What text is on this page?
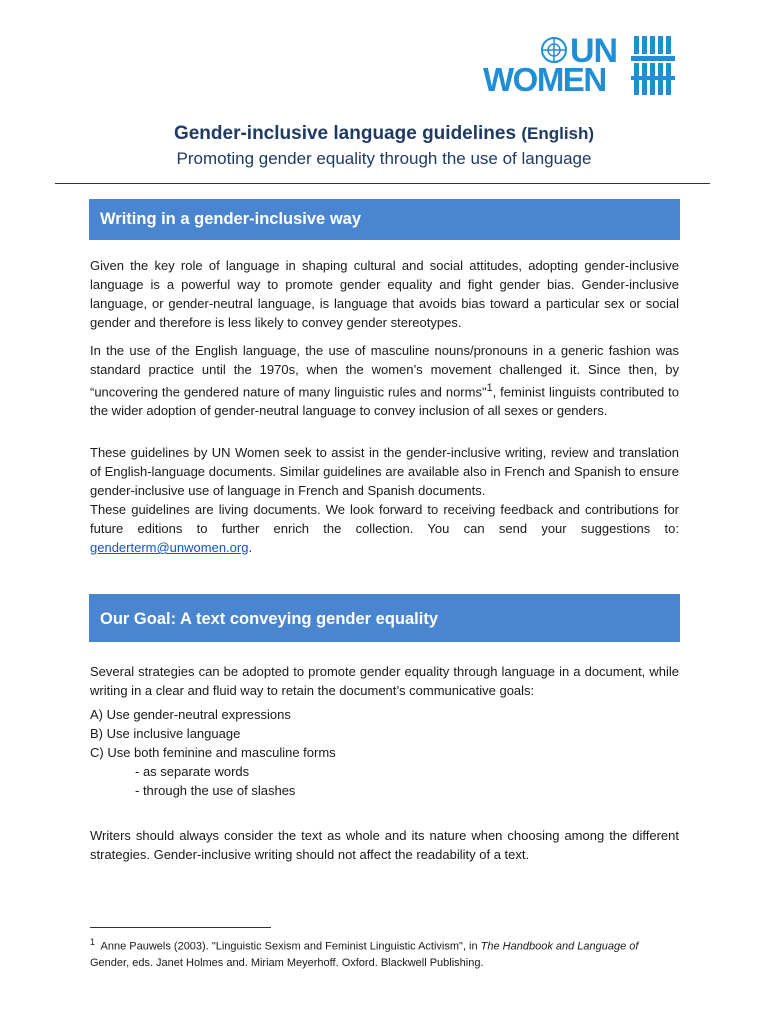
UN
WOMEN
Gender-inclusive language guidelines (English)

Promoting gender equality through the use of language

Writing in a gender-inclusive way

Given the key role of language in shaping cultural and social attitudes, adopting gender-inclusive language is a powerful way to promote gender equality and fight gender bias. Gender-inclusive language, or gender-neutral language, is language that avoids bias toward a particular sex or social gender and therefore is less likely to convey gender stereotypes.

In the use of the English language, the use of masculine nouns/pronouns in a generic fashion was standard practice until the 1970s, when the women’s movement challenged it. Since then, by “uncovering the gendered nature of many linguistic rules and norms"$^1$, feminist linguists contributed to the wider adoption of gender-neutral language to convey inclusion of all sexes or genders.

These guidelines by UN Women seek to assist in the gender-inclusive writing, review and translation of English-language documents. Similar guidelines are available also in French and Spanish to ensure gender-inclusive use of language in French and Spanish documents.
These guidelines are living documents. We look forward to receiving feedback and contributions for future editions to further enrich the collection. You can send your suggestions to: genderterm@unwomen.org.
Our Goal: A text conveying gender equality

Several strategies can be adopted to promote gender equality through language in a document, while writing in a clear and fluid way to retain the document’s communicative goals:

A) Use gender-neutral expressions
B) Use inclusive language
C) Use both feminine and masculine forms
- as separate words
- through the use of slashes

Writers should always consider the text as whole and its nature when choosing among the different strategies. Gender-inclusive writing should not affect the readability of a text.

$^1$ Anne Pauwels (2003). "Linguistic Sexism and Feminist Linguistic Activism", in The Handbook and Language of
Gender, eds. Janet Holmes and. Miriam Meyerhoff. Oxford. Blackwell Publishing.
